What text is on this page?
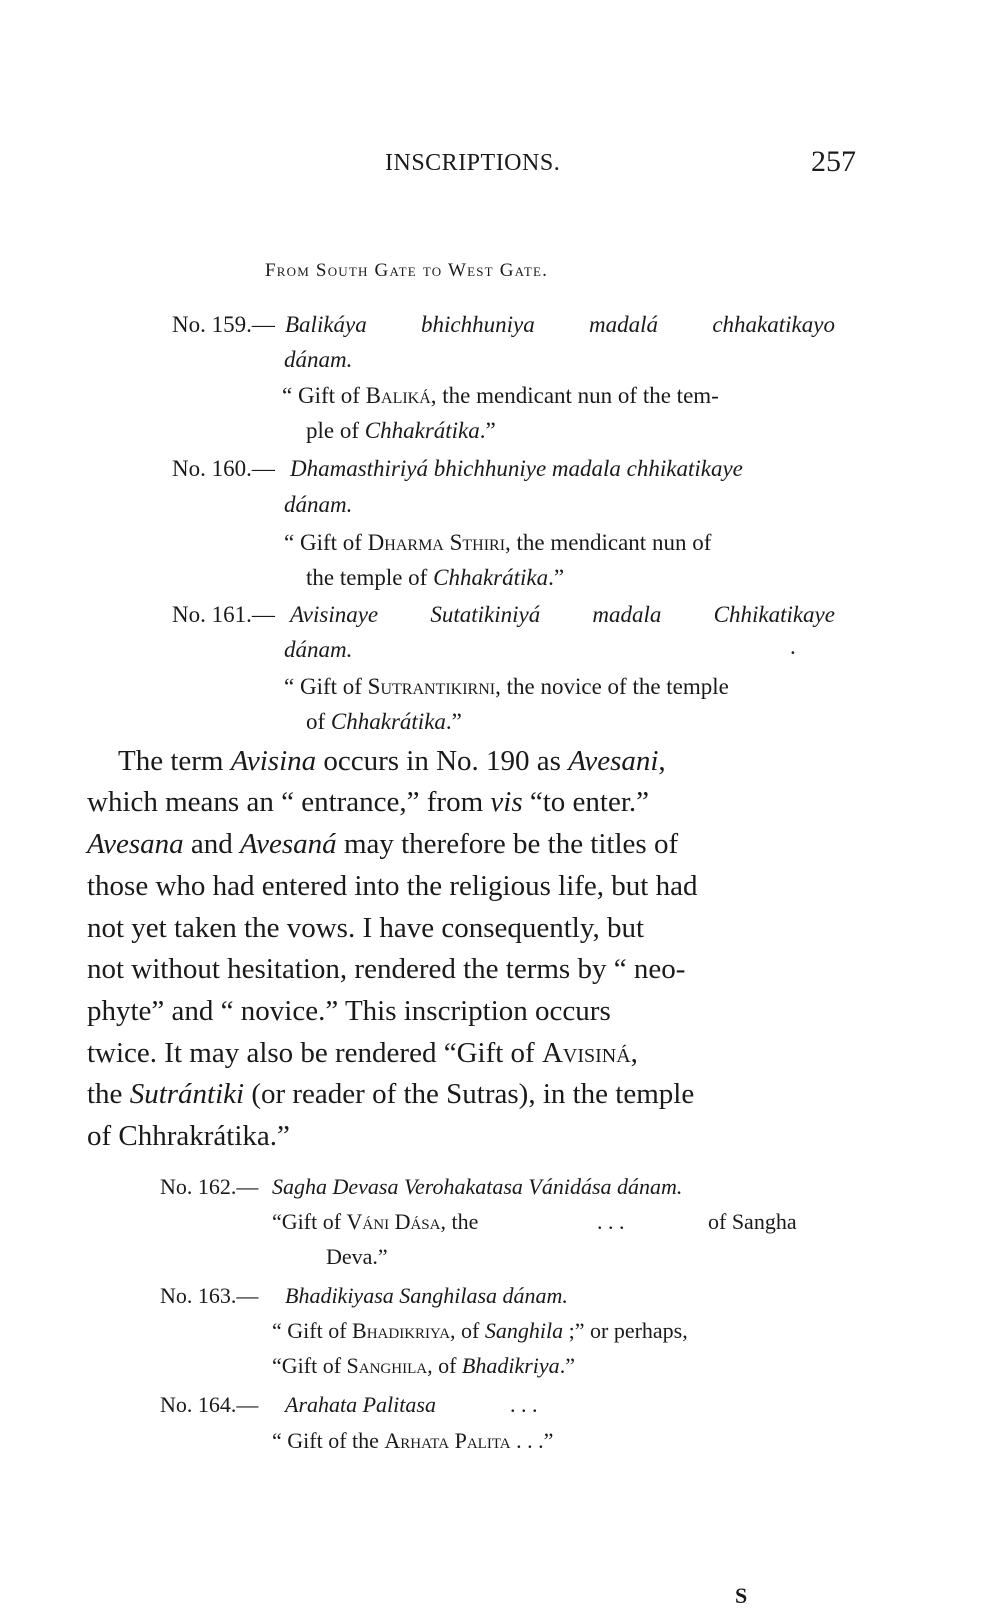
INSCRIPTIONS.	257
From South Gate to West Gate.
No. 159.— Balikáya bhichhuniya madalá chhakatikayo
dánam.
“ Gift of Baliká, the mendicant nun of the tem-
ple of Chhakrátika.”
No. 160.— Dhamasthiriyá bhichhuniye madala chhikatikaye
dánam.
“ Gift of Dharma Sthiri, the mendicant nun of
the temple of Chhakrátika.”
No. 161.— Avisinaye Sutatikiniyá madala Chhikatikaye
dánam.	.
“ Gift of Sutrantikirni, the novice of the temple
of Chhakrátika.”
The term Avisina occurs in No. 190 as Avesani,
which means an “ entrance,” from vis “to enter.”
Avesana and Avesaná may therefore be the titles of
those who had entered into the religious life, but had
not yet taken the vows. I have consequently, but
not without hesitation, rendered the terms by “ neo-
phyte” and “ novice.” This inscription occurs
twice. It may also be rendered “Gift of Avisiná,
the Sutrántiki (or reader of the Sutras), in the temple
of Chhrakrátika.”
No. 162.— Sagha Devasa Verohakatasa Vánidása dánam.
“Gift of Váni Dása, the	. . .	of Sangha
Deva.”
No. 163.— Bhadikiyasa Sanghilasa dánam.
“ Gift of Bhadikriya, of Sanghila ;” or perhaps,
“Gift of Sanghila, of Bhadikriya.”
No. 164.— Arahata Palitasa	. . .
“ Gift of the Arhata Palita . . .”
S
